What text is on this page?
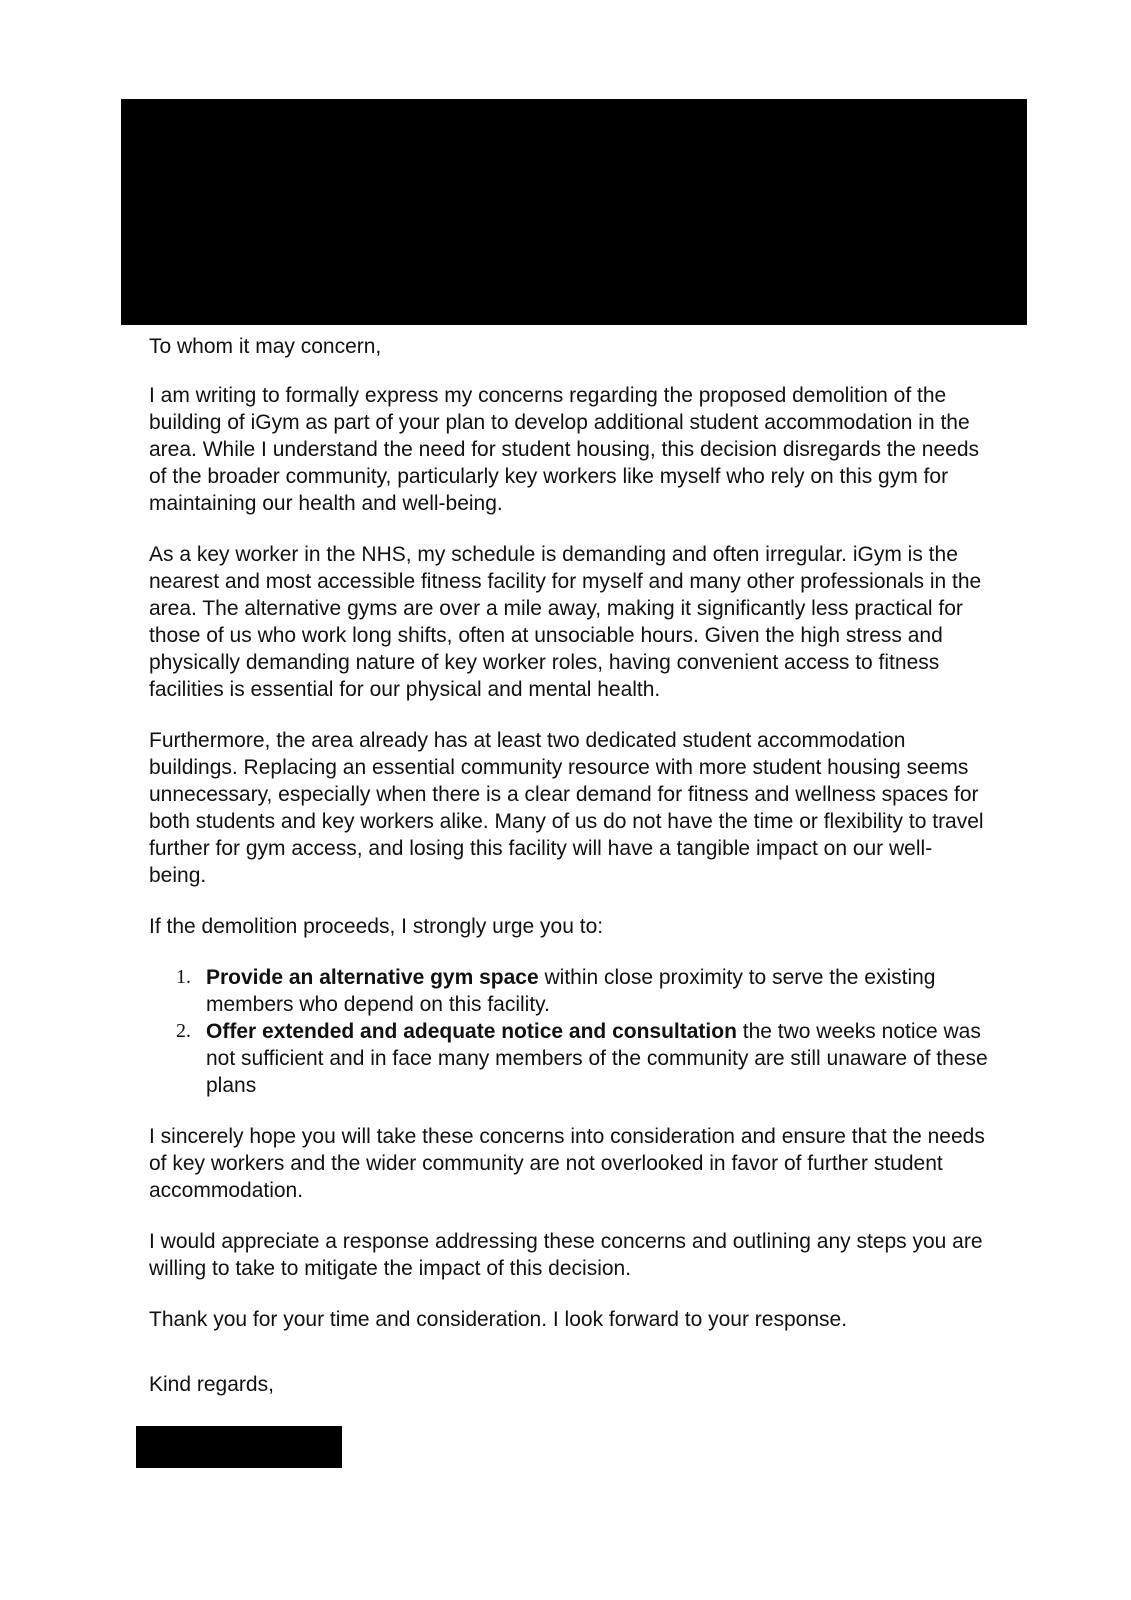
To whom it may concern,

I am writing to formally express my concerns regarding the proposed demolition of the building of iGym as part of your plan to develop additional student accommodation in the area. While I understand the need for student housing, this decision disregards the needs of the broader community, particularly key workers like myself who rely on this gym for maintaining our health and well-being.

As a key worker in the NHS, my schedule is demanding and often irregular. iGym is the nearest and most accessible fitness facility for myself and many other professionals in the area. The alternative gyms are over a mile away, making it significantly less practical for those of us who work long shifts, often at unsociable hours. Given the high stress and physically demanding nature of key worker roles, having convenient access to fitness facilities is essential for our physical and mental health.

Furthermore, the area already has at least two dedicated student accommodation buildings. Replacing an essential community resource with more student housing seems unnecessary, especially when there is a clear demand for fitness and wellness spaces for both students and key workers alike. Many of us do not have the time or flexibility to travel further for gym access, and losing this facility will have a tangible impact on our well-being.

If the demolition proceeds, I strongly urge you to:

1. Provide an alternative gym space within close proximity to serve the existing members who depend on this facility.
2. Offer extended and adequate notice and consultation the two weeks notice was not sufficient and in face many members of the community are still unaware of these plans

I sincerely hope you will take these concerns into consideration and ensure that the needs of key workers and the wider community are not overlooked in favor of further student accommodation.

I would appreciate a response addressing these concerns and outlining any steps you are willing to take to mitigate the impact of this decision.

Thank you for your time and consideration. I look forward to your response.

Kind regards,
